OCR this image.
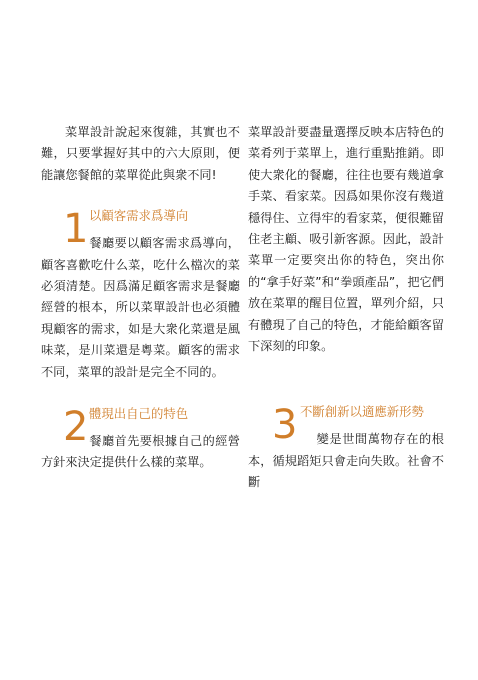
菜單設計說起來復雜，其實也不難，只要掌握好其中的六大原則，便能讓您餐館的菜單從此與衆不同!

1 以顧客需求爲導向

餐廳要以顧客需求爲導向，顧客喜歡吃什么菜，吃什么檔次的菜必須清楚。因爲滿足顧客需求是餐廳經營的根本，所以菜單設計也必須體現顧客的需求，如是大衆化菜還是風味菜，是川菜還是粵菜。顧客的需求不同，菜單的設計是完全不同的。

2 體現出自己的特色

餐廳首先要根據自己的經營方針來決定提供什么樣的菜單。

菜單設計要盡量選擇反映本店特色的菜肴列于菜單上，進行重點推銷。即使大衆化的餐廳，往往也要有幾道拿手菜、看家菜。因爲如果你沒有幾道穩得住、立得牢的看家菜，便很難留住老主顧、吸引新客源。因此，設計菜單一定要突出你的特色，突出你的“拿手好菜”和“拳頭產品”，把它們放在菜單的醒目位置，單列介紹，只有體現了自己的特色，才能給顧客留下深刻的印象。

3 不斷創新以適應新形勢

變是世間萬物存在的根本，循規蹈矩只會走向失敗。社會不斷
